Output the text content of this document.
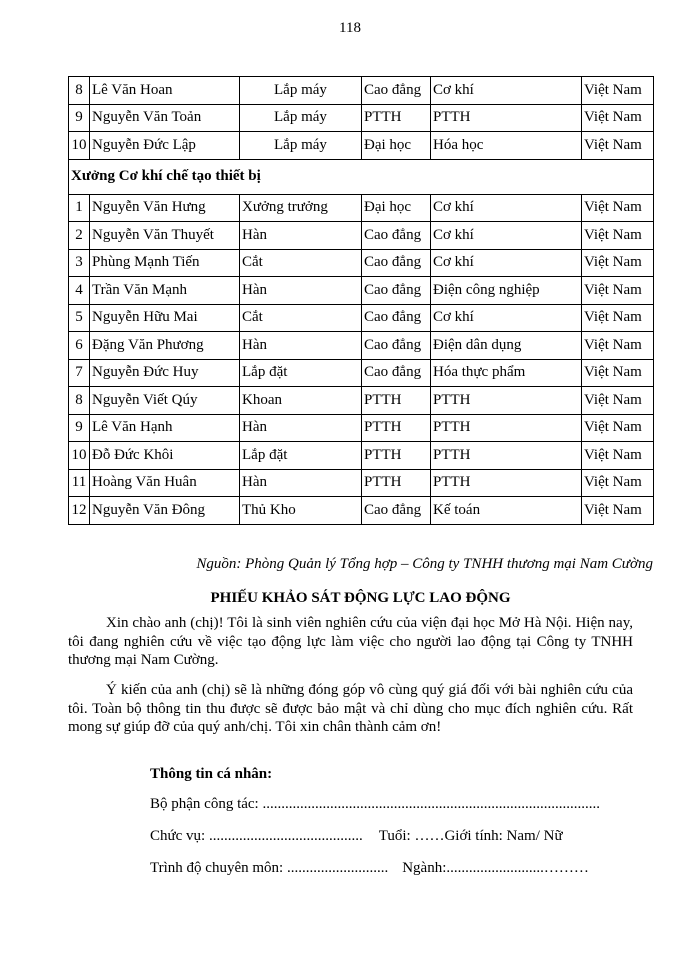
118
8	Lê Văn Hoan	Lắp máy	Cao đẳng	Cơ khí	Việt Nam
9	Nguyễn Văn Toản	Lắp máy	PTTH	PTTH	Việt Nam
10	Nguyễn Đức Lập	Lắp máy	Đại học	Hóa học	Việt Nam
Xưởng Cơ khí chế tạo thiết bị					
1	Nguyễn Văn Hưng	Xưởng trưởng	Đại học	Cơ khí	Việt Nam
2	Nguyễn Văn Thuyết	Hàn	Cao đẳng	Cơ khí	Việt Nam
3	Phùng Mạnh Tiến	Cắt	Cao đẳng	Cơ khí	Việt Nam
4	Trần Văn Mạnh	Hàn	Cao đẳng	Điện công nghiệp	Việt Nam
5	Nguyễn Hữu Mai	Cắt	Cao đẳng	Cơ khí	Việt Nam
6	Đặng Văn Phương	Hàn	Cao đẳng	Điện dân dụng	Việt Nam
7	Nguyễn Đức Huy	Lắp đặt	Cao đẳng	Hóa thực phẩm	Việt Nam
8	Nguyễn Viết Qúy	Khoan	PTTH	PTTH	Việt Nam
9	Lê Văn Hạnh	Hàn	PTTH	PTTH	Việt Nam
10	Đỗ Đức Khôi	Lắp đặt	PTTH	PTTH	Việt Nam
11	Hoàng Văn Huân	Hàn	PTTH	PTTH	Việt Nam
12	Nguyễn Văn Đông	Thủ Kho	Cao đẳng	Kế toán	Việt Nam
Nguồn: Phòng Quản lý Tổng hợp – Công ty TNHH thương mại Nam Cường
PHIẾU KHẢO SÁT ĐỘNG LỰC LAO ĐỘNG

Xin chào anh (chị)! Tôi là sinh viên nghiên cứu của viện đại học Mở Hà Nội. Hiện nay, tôi đang nghiên cứu về việc tạo động lực làm việc cho người lao động tại Công ty TNHH thương mại Nam Cường.

Ý kiến của anh (chị) sẽ là những đóng góp vô cùng quý giá đối với bài nghiên cứu của tôi. Toàn bộ thông tin thu được sẽ được bảo mật và chỉ dùng cho mục đích nghiên cứu. Rất mong sự giúp đỡ của quý anh/chị. Tôi xin chân thành cảm ơn!

Thông tin cá nhân:
Bộ phận công tác: ..........................................................................................
Chức vụ: ......................................... Tuổi: ……Giới tính: Nam/ Nữ
Trình độ chuyên môn: ........................... Ngành:..........................………
